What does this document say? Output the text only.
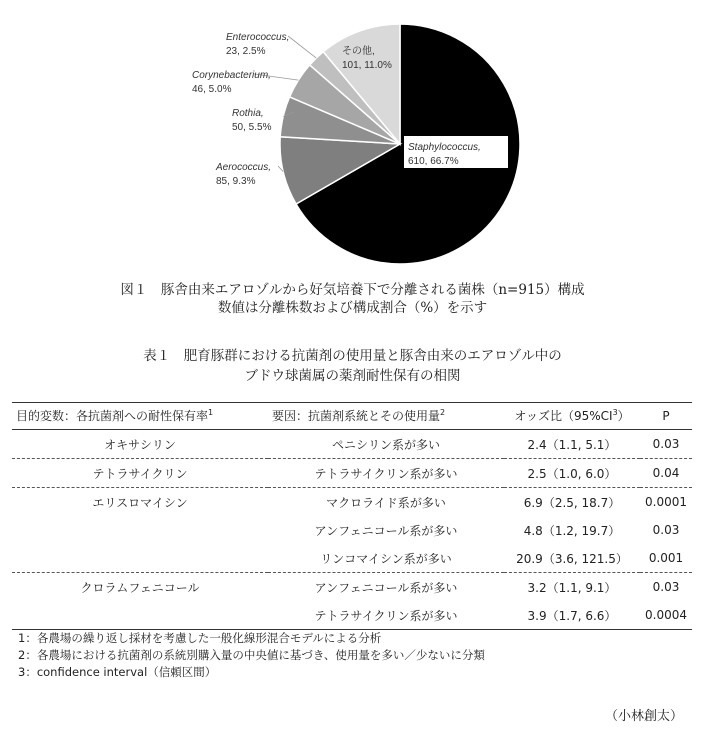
Staphylococcus,
610, 66.7%
Aerococcus,
85, 9.3%
Rothia,
50, 5.5%
Corynebacterium,
46, 5.0%
Enterococcus,
23, 2.5%	その他,
101, 11.0%
図１　豚舎由来エアロゾルから好気培養下で分離される菌株（n=915）構成
数値は分離株数および構成割合（%）を示す
表１　肥育豚群における抗菌剤の使用量と豚舎由来のエアロゾル中の
ブドウ球菌属の薬剤耐性保有の相関
目的変数：各抗菌剤への耐性保有率$^1$	要因：抗菌剤系統とその使用量$^2$	オッズ比$(95\%CI^3)$	P
オキサシリン	ペニシリン系が多い	2.4（1.1, 5.1）	0.03
テトラサイクリン	テトラサイクリン系が多い	2.5（1.0, 6.0）	0.04
エリスロマイシン	マクロライド系が多い	6.9（2.5, 18.7）	0.0001
	アンフェニコール系が多い	4.8（1.2, 19.7）	0.03
	リンコマイシン系が多い	20.9（3.6, 121.5）	0.001
クロラムフェニコール	アンフェニコール系が多い	3.2（1.1, 9.1）	0.03
	テトラサイクリン系が多い	3.9（1.7, 6.6）	0.0004
1：各農場の繰り返し採材を考慮した一般化線形混合モデルによる分析
2：各農場における抗菌剤の系統別購入量の中央値に基づき、使用量を多い／少ないに分類
3：confidence interval（信頼区間）
（小林創太）
